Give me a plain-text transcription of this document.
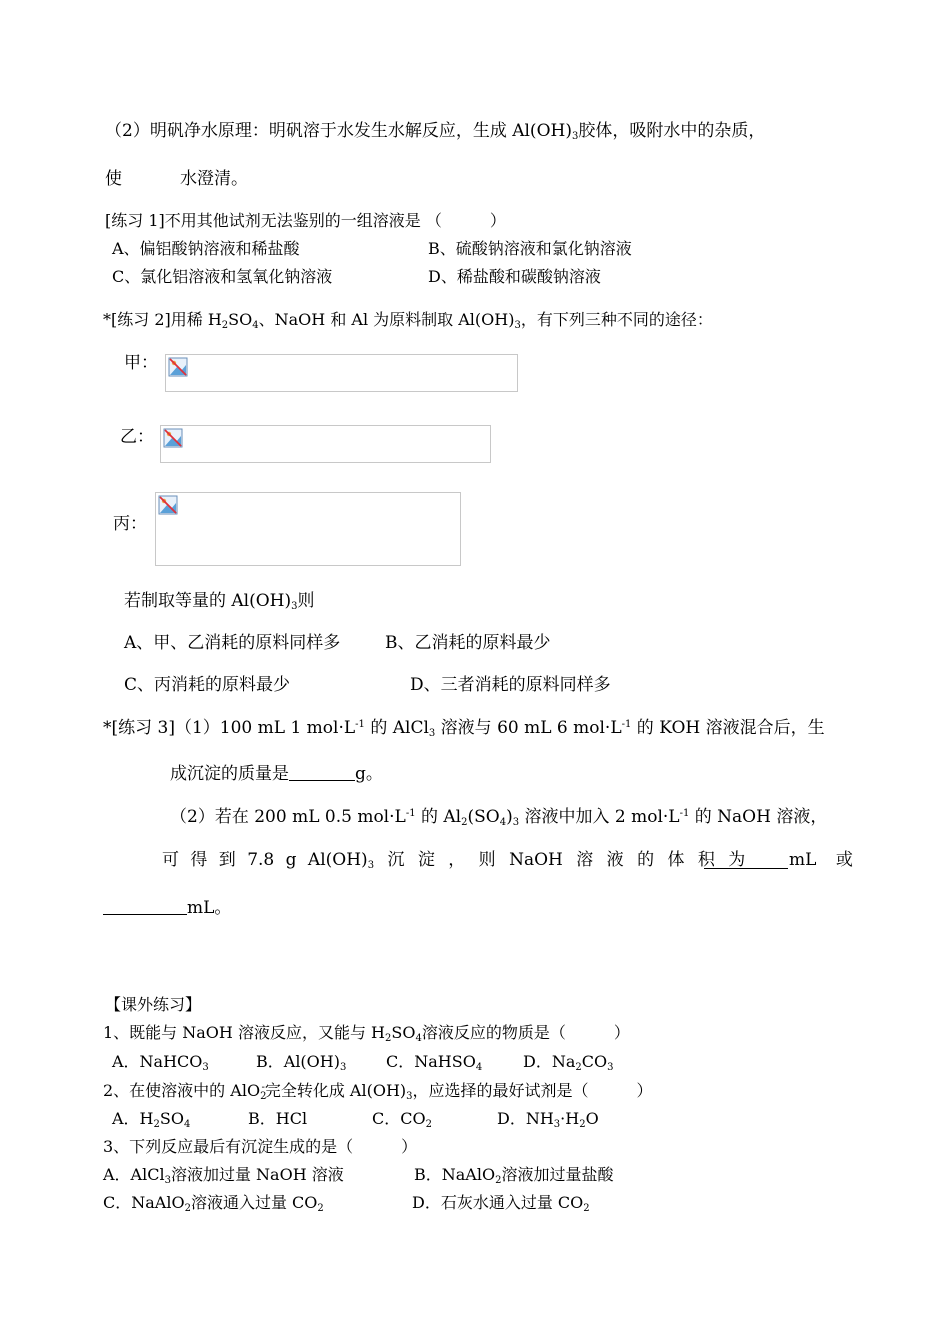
（2）明矾净水原理：明矾溶于水发生水解反应，生成 $Al(OH)_3$胶体，吸附水中的杂质，
使	水澄清。
[练习 1]不用其他试剂无法鉴别的一组溶液是 （　　　）
A、偏铝酸钠溶液和稀盐酸	B、硫酸钠溶液和氯化钠溶液
C、氯化铝溶液和氢氧化钠溶液	D、稀盐酸和碳酸钠溶液
*[练习 2]用稀 $H_2SO_4$、NaOH 和 Al 为原料制取 $Al(OH)_3$，有下列三种不同的途径：
甲：
乙：
丙：
若制取等量的 $Al(OH)_3$则
A、甲、乙消耗的原料同样多	B、乙消耗的原料最少
C、丙消耗的原料最少	D、三者消耗的原料同样多
*[练习 3]（1）100 mL 1 $mol\cdot L^{-1}$ 的 AlCl$_3$ 溶液与 60 mL 6 $mol\cdot L^{-1}$ 的 KOH 溶液混合后，生
成沉淀的质量是	g。
（2）若在 200 mL 0.5 $mol\cdot L^{-1}$ 的 $Al_2(SO_4)_3$ 溶液中加入 2 $mol\cdot L^{-1}$ 的 NaOH 溶液，
可 得 到 7.8 g $Al(OH)_3$ 沉 淀 ， 则 NaOH 溶 液 的 体 积 为	mL 或
mL。
【课外练习】
1、既能与 NaOH 溶液反应，又能与 $H_2SO_4$溶液反应的物质是（　　　）
A．NaHCO$_3$	B．$Al(OH)_3$ C．NaHSO$_4$	D．$Na_2CO_3$
2、在使溶液中的 AlO$_2$-完全转化成 $Al(OH)_3$，应选择的最好试剂是（　　　）
A．$H_2SO_4$	B．HCl	C．$CO_2$	D．$NH_3\cdot H_2O$
3、下列反应最后有沉淀生成的是（　　　）
A．AlCl$_3$溶液加过量 NaOH 溶液	B．NaAlO$_2$溶液加过量盐酸
C．NaAlO$_2$溶液通入过量 $CO_2$	D．石灰水通入过量 $CO_2$
